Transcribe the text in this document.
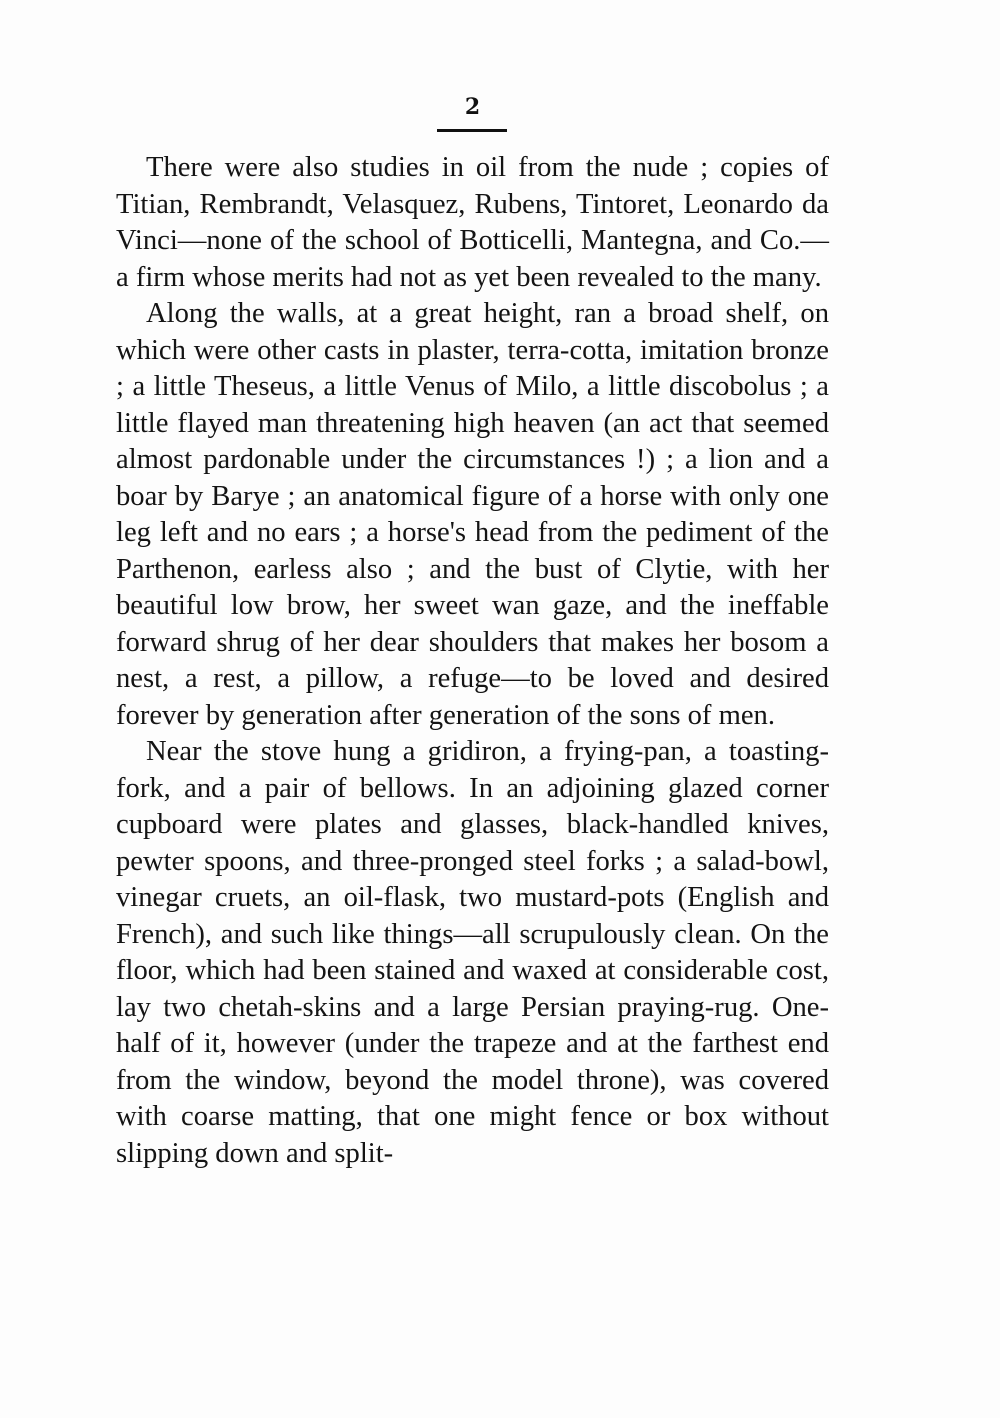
2

There were also studies in oil from the nude ; copies of Titian, Rembrandt, Velasquez, Rubens, Tintoret, Leonardo da Vinci—none of the school of Botticelli, Mantegna, and Co.—a firm whose merits had not as yet been revealed to the many.

Along the walls, at a great height, ran a broad shelf, on which were other casts in plaster, terra-cotta, imitation bronze ; a little Theseus, a little Venus of Milo, a little discobolus ; a little flayed man threatening high heaven (an act that seemed almost pardonable under the circumstances !) ; a lion and a boar by Barye ; an anatomical figure of a horse with only one leg left and no ears ; a horse's head from the pediment of the Parthenon, earless also ; and the bust of Clytie, with her beautiful low brow, her sweet wan gaze, and the ineffable forward shrug of her dear shoulders that makes her bosom a nest, a rest, a pillow, a refuge—to be loved and desired forever by generation after generation of the sons of men.

Near the stove hung a gridiron, a frying-pan, a toasting-fork, and a pair of bellows. In an adjoining glazed corner cupboard were plates and glasses, black-handled knives, pewter spoons, and three-pronged steel forks ; a salad-bowl, vinegar cruets, an oil-flask, two mustard-pots (English and French), and such like things—all scrupulously clean. On the floor, which had been stained and waxed at considerable cost, lay two chetah-skins and a large Persian praying-rug. One-half of it, however (under the trapeze and at the farthest end from the window, beyond the model throne), was covered with coarse matting, that one might fence or box without slipping down and split-
